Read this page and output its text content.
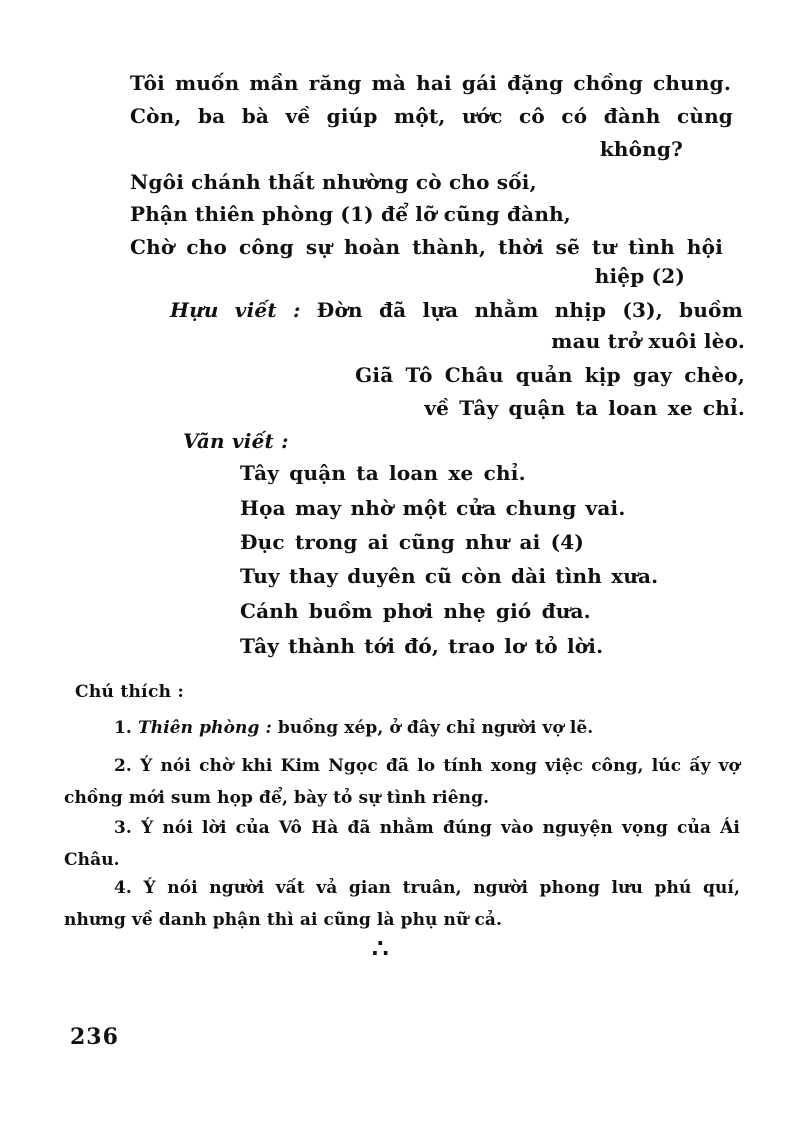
Tôi muốn mần răng mà hai gái đặng chồng chung.
Còn, ba bà về giúp một, ước cô có đành cùng
không?
Ngôi chánh thất nhường cò cho sối,
Phận thiên phòng (1) để lỡ cũng đành,
Chờ cho công sự hoàn thành, thời sẽ tư tình hội
hiệp (2)
Hựu viết : Đờn đã lựa nhằm nhịp (3), buồm
mau trở xuôi lèo.
Giã Tô Châu quản kịp gay chèo,
về Tây quận ta loan xe chỉ.
Vãn viết :
Tây quận ta loan xe chỉ.
Họa may nhờ một cửa chung vai.
Đục trong ai cũng như ai (4)
Tuy thay duyên cũ còn dài tình xưa.
Cánh buồm phơi nhẹ gió đưa.
Tây thành tới đó, trao lơ tỏ lời.
Chú thích :
1. Thiên phòng : buồng xép, ở đây chỉ người vợ lẽ.
2. Ý nói chờ khi Kim Ngọc đã lo tính xong việc công, lúc ấy vợ chồng mới sum họp để, bày tỏ sự tình riêng.
3. Ý nói lời của Vô Hà đã nhằm đúng vào nguyện vọng của Ái Châu.
4. Ý nói người vất vả gian truân, người phong lưu phú quí, nhưng về danh phận thì ai cũng là phụ nữ cả.
∴
236
